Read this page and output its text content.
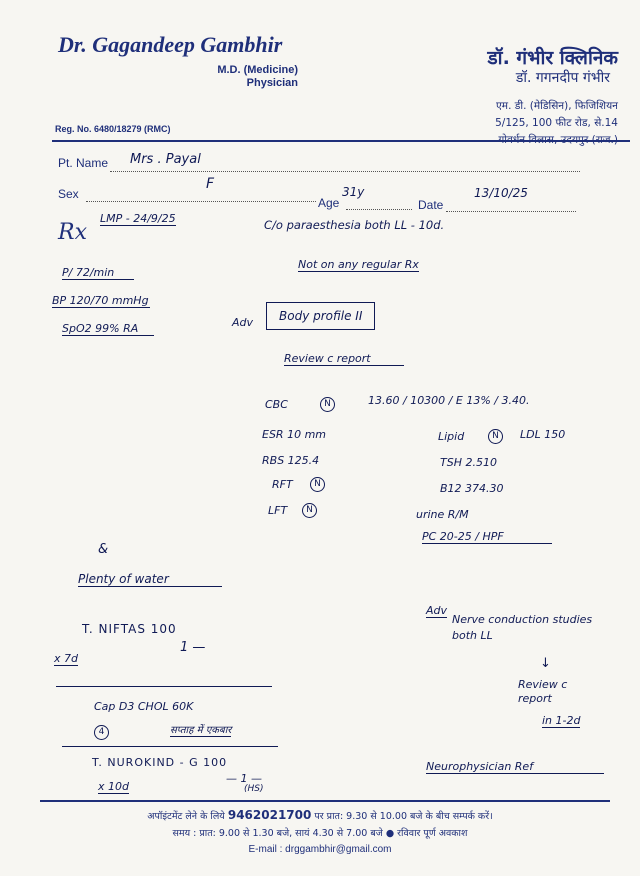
Dr. Gagandeep Gambhir
M.D. (Medicine)
Physician
डॉ. गंभीर क्लिनिक
डॉ. गगनदीप गंभीर
एम. डी. (मेडिसिन), फिजिशियन
5/125, 100 फीट रोड, से.14
Reg. No. 6480/18279 (RMC)
Pt. Name Mrs . Payal
Sex
F
Age
31y
Date
13/10/25
Rx
LMP - 24/9/25	C/o paraesthesia both LL - 10d.
Not on any regular Rx
P/ 72/min
BP 120/70 mmHg
SpO2 99% RA	Adv	Body profile II
Review c report
CBC	N	13.60 / 10300 / E 13% / 3.40.
ESR 10 mm	Lipid	N	LDL 150
RBS 125.4	TSH 2.510
RFT	N	B12 374.30
LFT	N	urine R/M
PC 20-25 / HPF
&
Plenty of water
T. NIFTAS 100
1 —
x 7d
Cap D3 CHOL 60K
4	सप्ताह में एकबार
T. NUROKIND - G 100
— 1 —
(HS)
x 10d
Adv
Nerve conduction studies both LL
↓
Review c report
in 1-2d
Neurophysician Ref
अपॉइंटमेंट लेने के लिये 9462021700 पर प्रात: 9.30 से 10.00 बजे के बीच सम्पर्क करें।
समय : प्रात: 9.00 से 1.30 बजे, सायं 4.30 से 7.00 बजे ● रविवार पूर्ण अवकाश
E-mail : drggambhir@gmail.com
